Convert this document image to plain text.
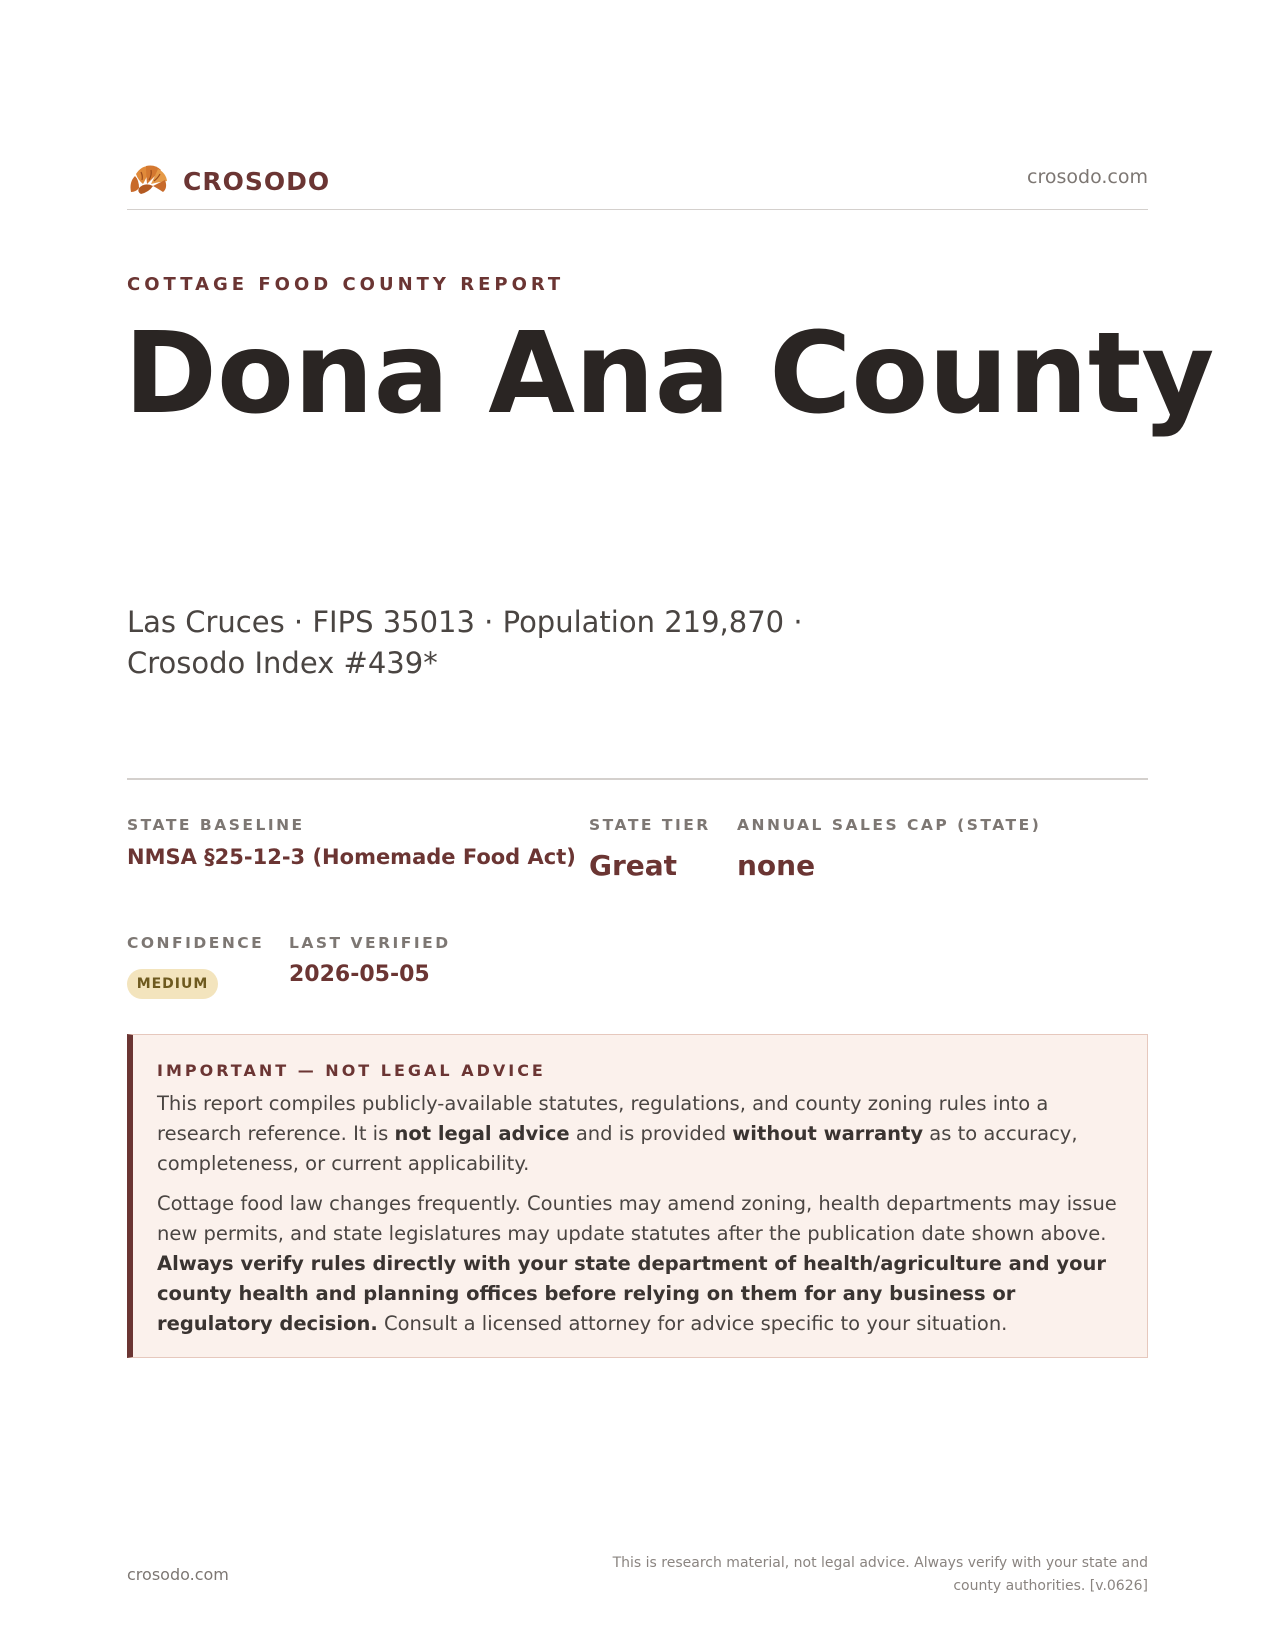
CROSODO	crosodo.com
COTTAGE FOOD COUNTY REPORT
Dona Ana County
Las Cruces · FIPS 35013 · Population 219,870 · Crosodo Index #439*
STATE BASELINE
NMSA §25-12-3 (Homemade Food Act)
STATE TIER
Great
ANNUAL SALES CAP (STATE)
none
CONFIDENCE
MEDIUM
LAST VERIFIED
2026-05-05
IMPORTANT — NOT LEGAL ADVICE

This report compiles publicly-available statutes, regulations, and county zoning rules into a research reference. It is not legal advice and is provided without warranty as to accuracy, completeness, or current applicability.

Cottage food law changes frequently. Counties may amend zoning, health departments may issue new permits, and state legislatures may update statutes after the publication date shown above. Always verify rules directly with your state department of health/agriculture and your county health and planning offices before relying on them for any business or regulatory decision. Consult a licensed attorney for advice specific to your situation.

crosodo.com
This is research material, not legal advice. Always verify with your state and county authorities. [v.0626]
